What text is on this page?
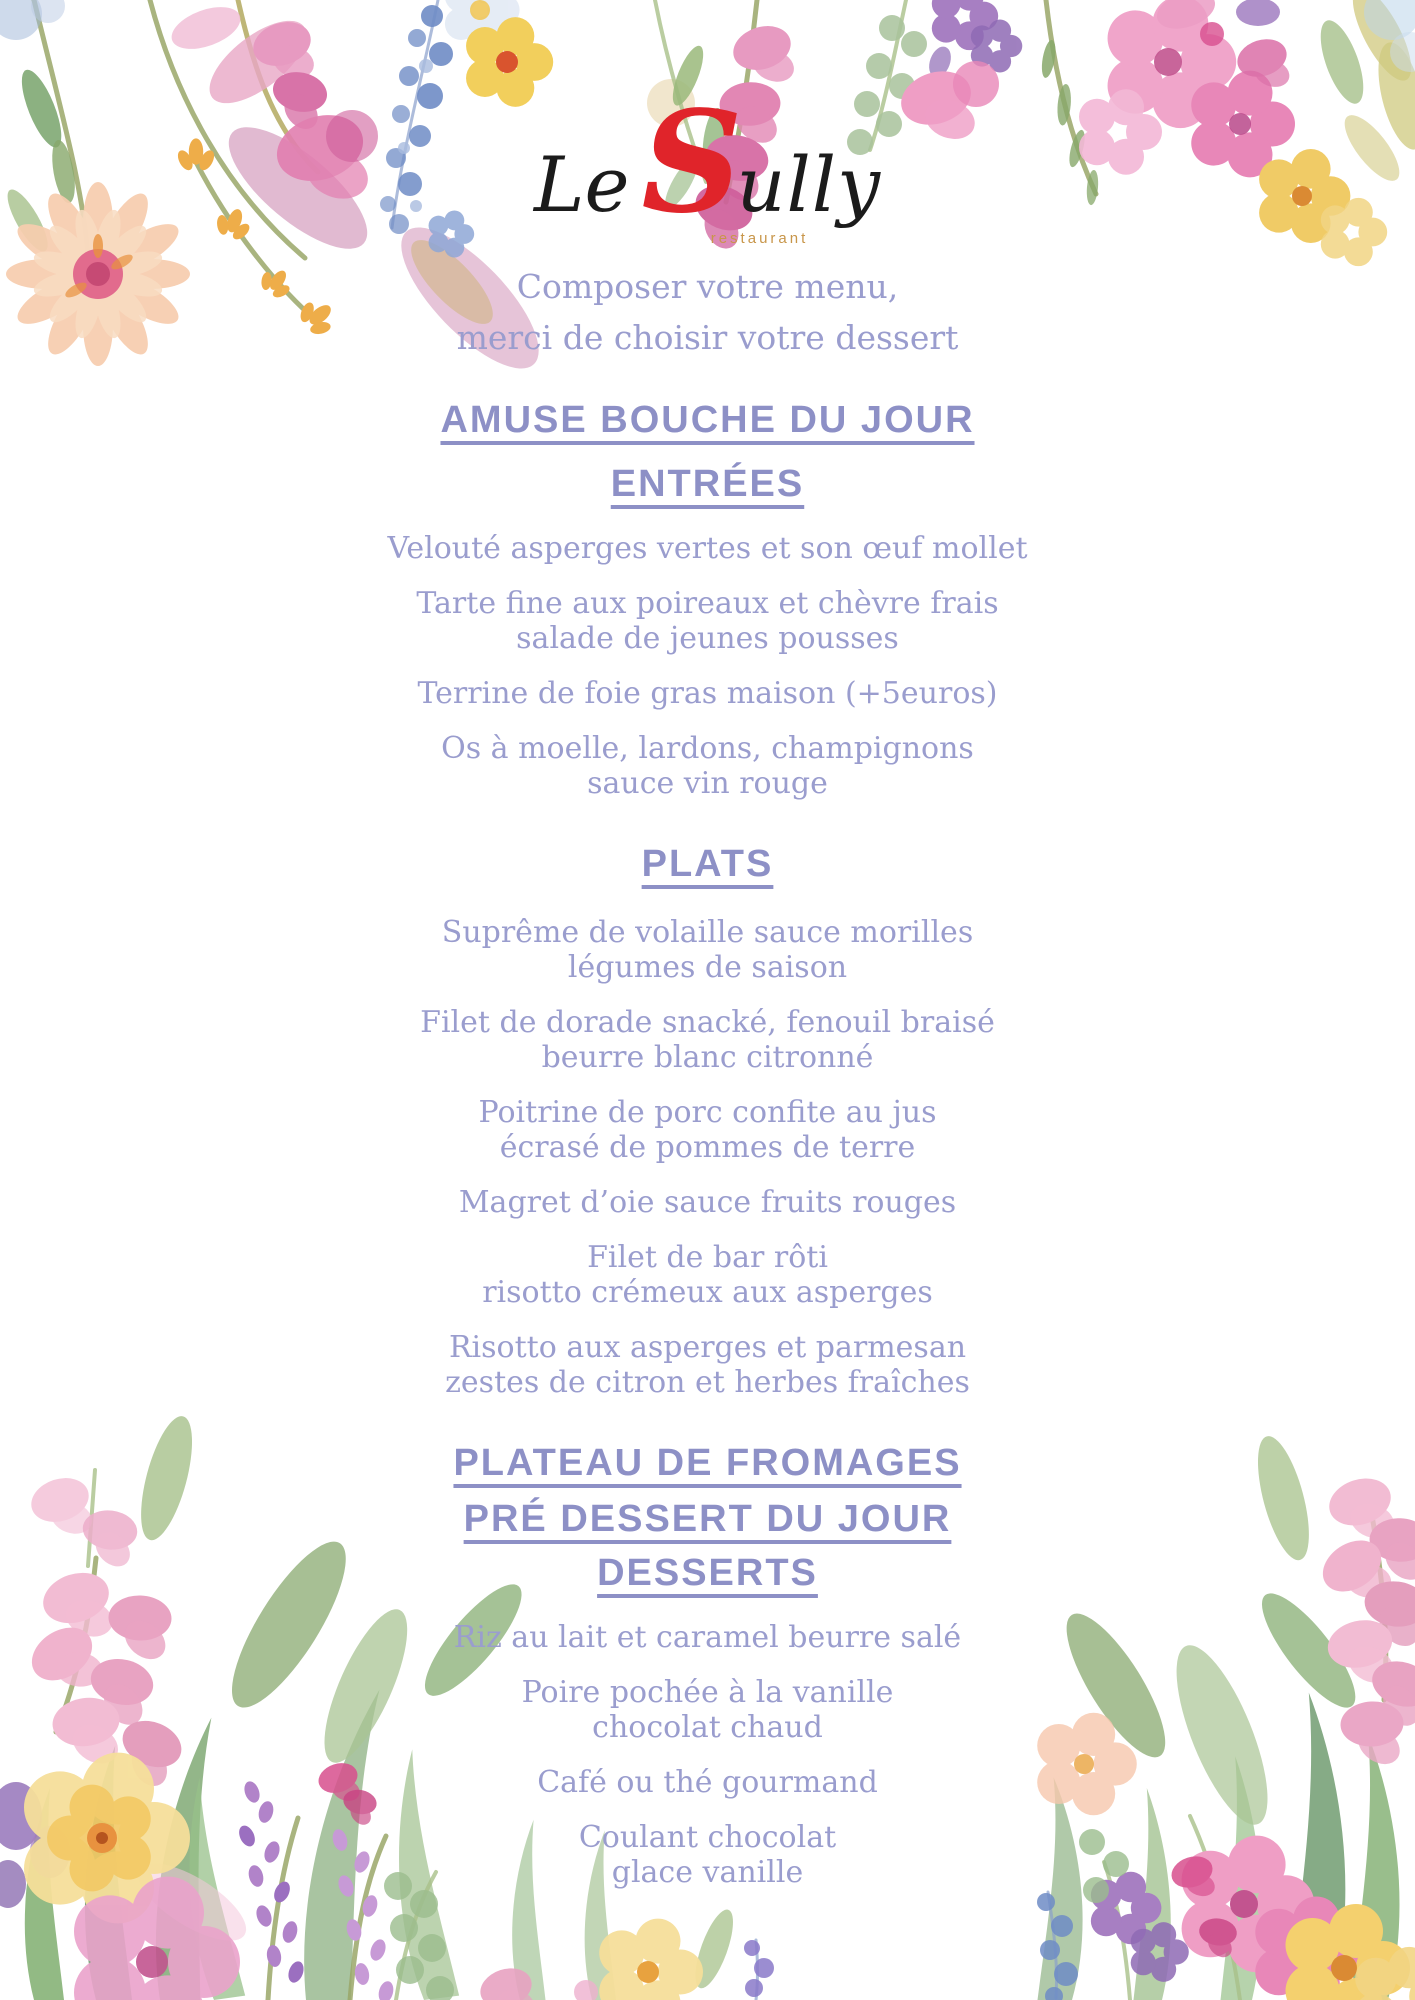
Le S
ully
restaurant
Composer votre menu,
merci de choisir votre dessert
AMUSE BOUCHE DU JOUR
ENTRÉES
Velouté asperges vertes et son œuf mollet
Tarte fine aux poireaux et chèvre frais
salade de jeunes pousses
Terrine de foie gras maison (+5euros)
Os à moelle, lardons, champignons
sauce vin rouge
PLATS
Suprême de volaille sauce morilles
légumes de saison
Filet de dorade snacké, fenouil braisé
beurre blanc citronné
Poitrine de porc confite au jus
écrasé de pommes de terre
Magret d’oie sauce fruits rouges
Filet de bar rôti
risotto crémeux aux asperges
Risotto aux asperges et parmesan
zestes de citron et herbes fraîches
PLATEAU DE FROMAGES
PRÉ DESSERT DU JOUR
DESSERTS
Riz au lait et caramel beurre salé
Poire pochée à la vanille
chocolat chaud
Café ou thé gourmand
Coulant chocolat
glace vanille
